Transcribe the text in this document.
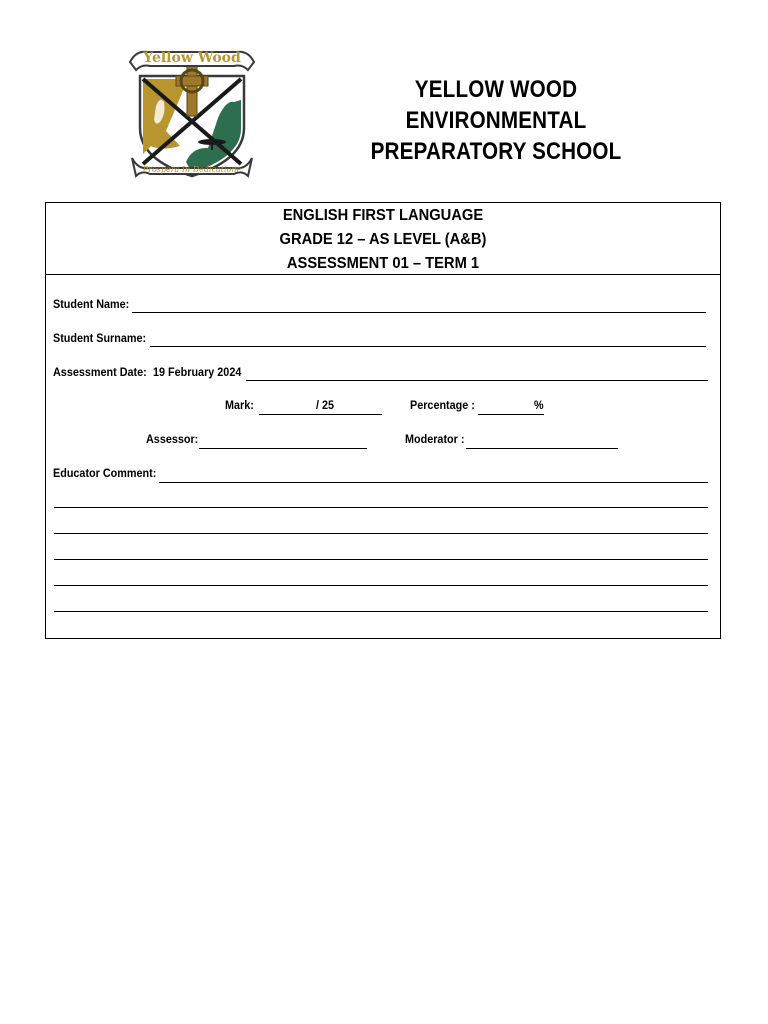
Yellow Wood
Prospera In Dedicatione
YELLOW WOOD ENVIRONMENTAL
PREPARATORY SCHOOL
ENGLISH FIRST LANGUAGE
GRADE 12 – AS LEVEL (A&B)
ASSESSMENT 01 – TERM 1
Student Name:
Student Surname:
Assessment Date: 19 February 2024
Mark:	/ 25	Percentage :	%
Assessor:	Moderator :
Educator Comment:
